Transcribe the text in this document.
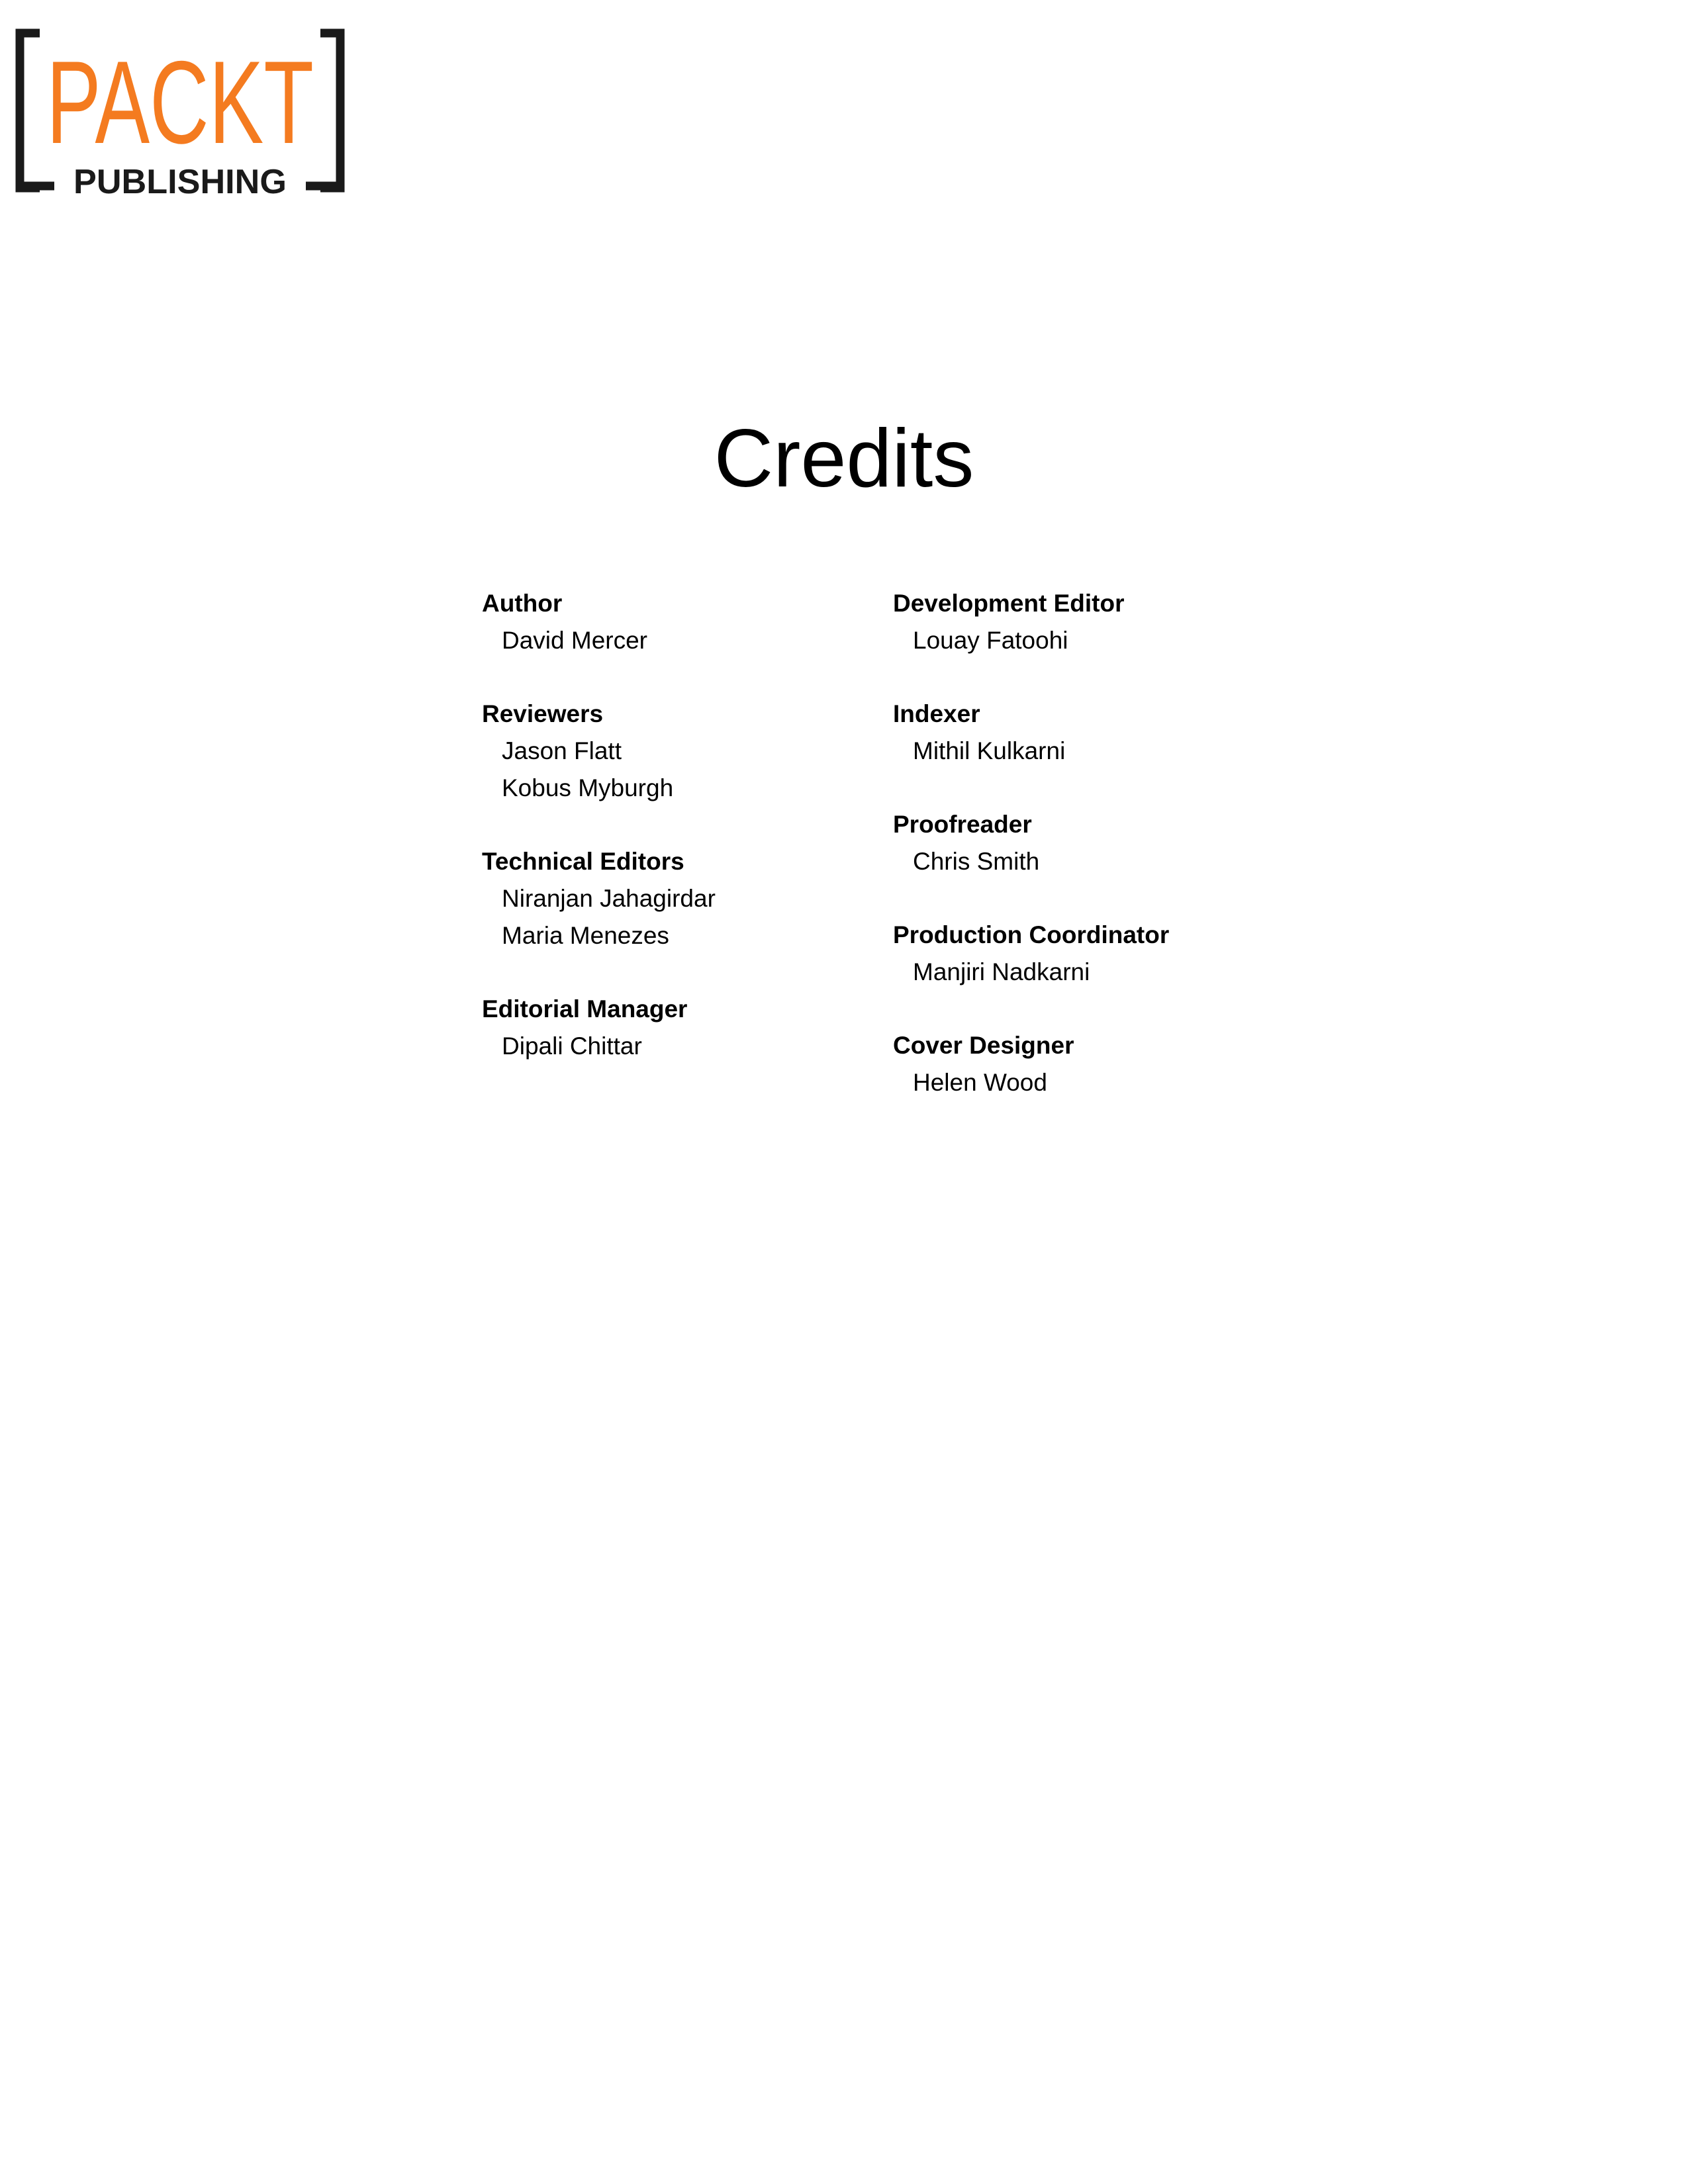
PACKT
PUBLISHING
Credits
Author
David Mercer
Reviewers
Jason Flatt
Kobus Myburgh
Technical Editors
Niranjan Jahagirdar
Maria Menezes
Editorial Manager
Dipali Chittar
Development Editor
Louay Fatoohi
Indexer
Mithil Kulkarni
Proofreader
Chris Smith
Production Coordinator
Manjiri Nadkarni
Cover Designer
Helen Wood
